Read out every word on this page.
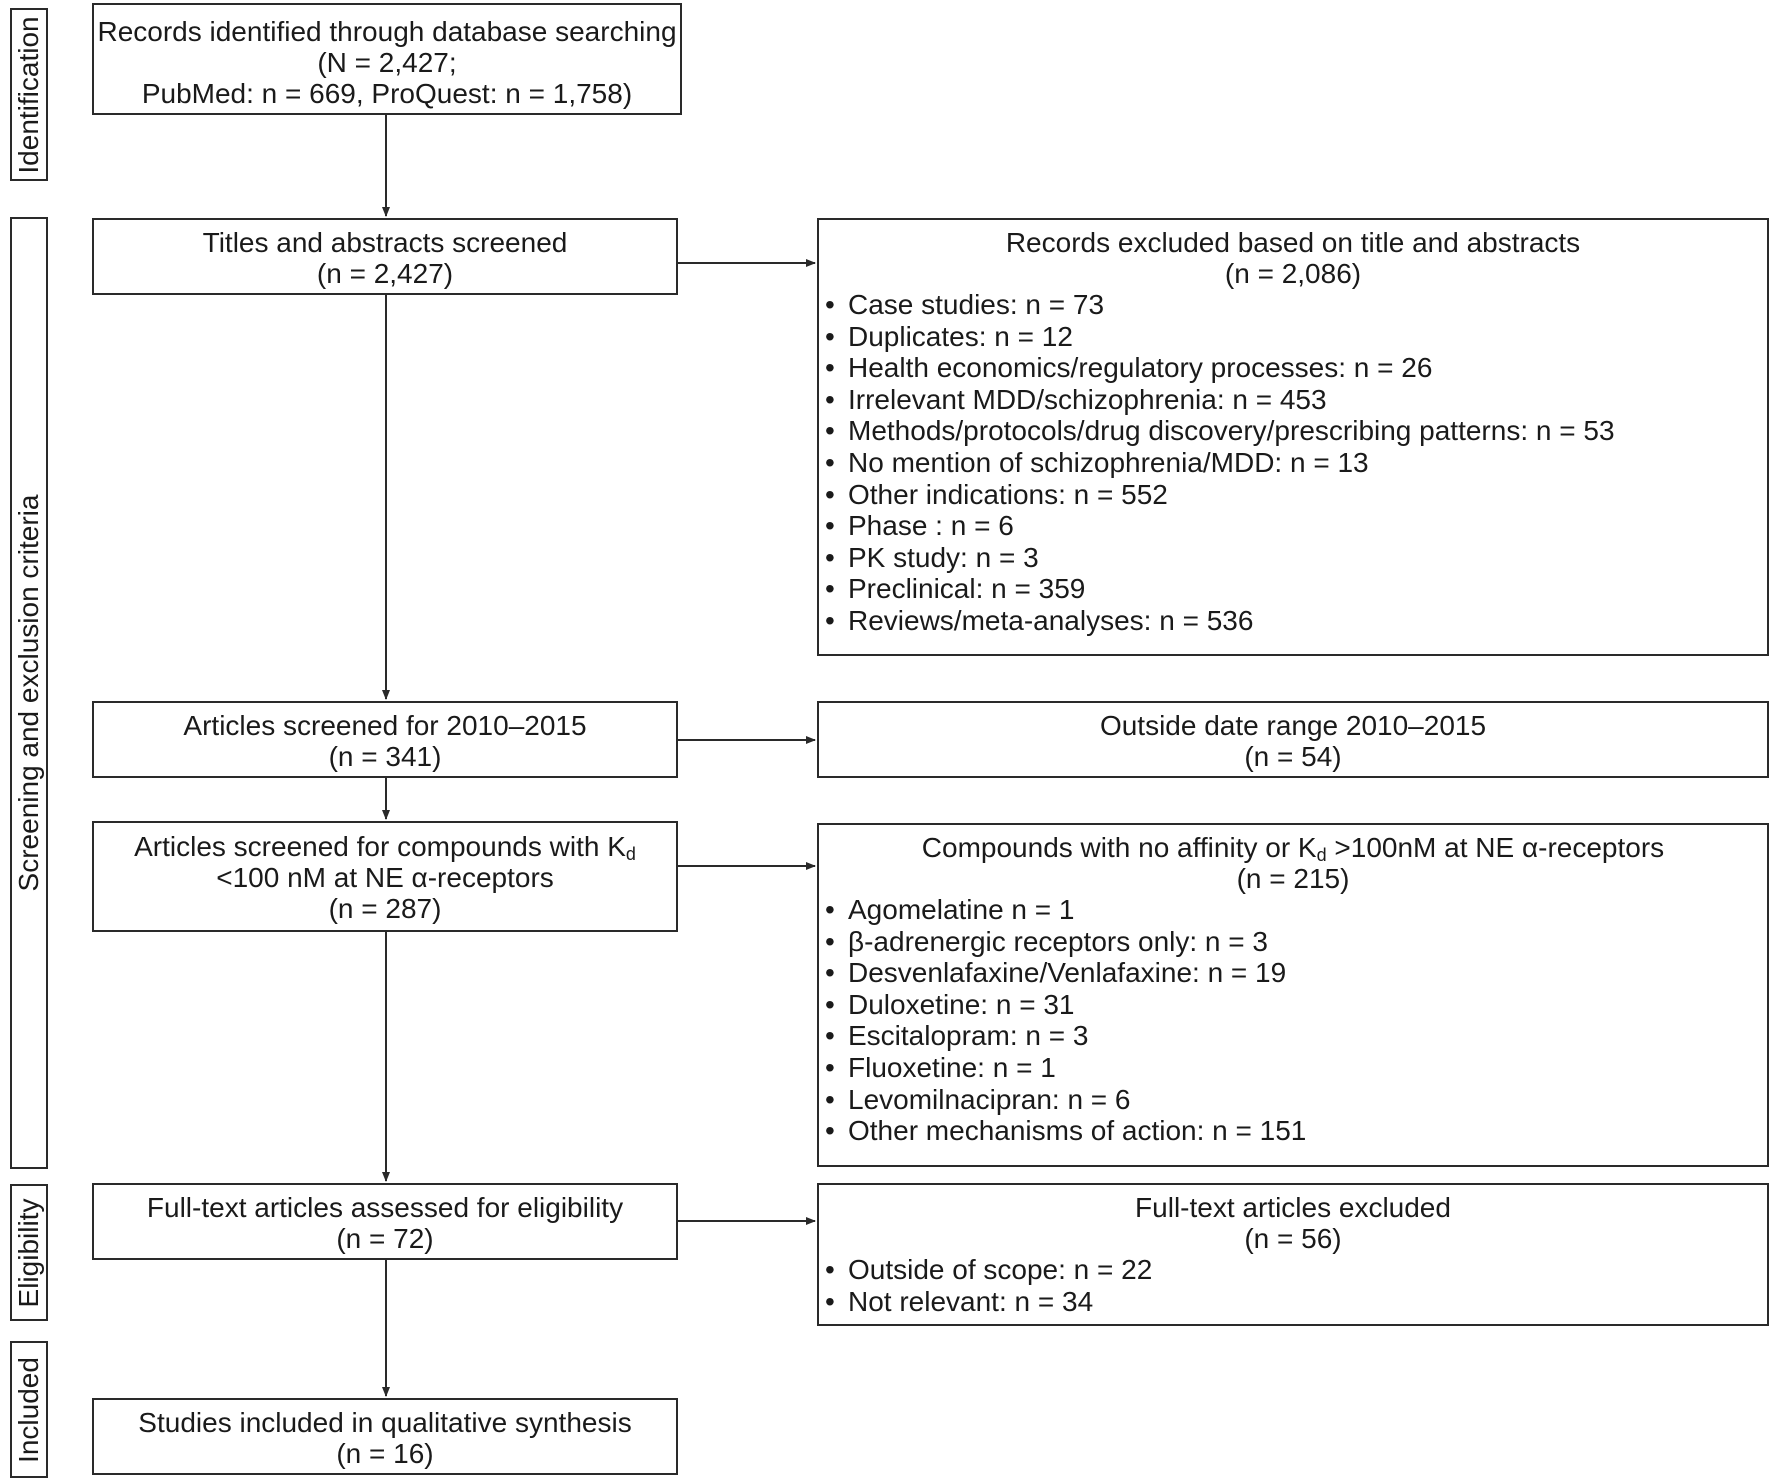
Identification
Screening and exclusion criteria
Eligibility
Included
Records identified through database searching
(N = 2,427;
PubMed: n = 669, ProQuest: n = 1,758)
Titles and abstracts screened
(n = 2,427)
Articles screened for 2010–2015
(n = 341)
Articles screened for compounds with $K_d$
<100 nM at NE α-receptors
(n = 287)
Full-text articles assessed for eligibility
(n = 72)
Studies included in qualitative synthesis
(n = 16)
Records excluded based on title and abstracts
(n = 2,086)
• Case studies: n = 73
• Duplicates: n = 12
• Health economics/regulatory processes: n = 26
• Irrelevant MDD/schizophrenia: n = 453
• Methods/protocols/drug discovery/prescribing patterns: n = 53
• No mention of schizophrenia/MDD: n = 13
• Other indications: n = 552
• Phase : n = 6
• PK study: n = 3
• Preclinical: n = 359
• Reviews/meta-analyses: n = 536
Outside date range 2010–2015
(n = 54)
Compounds with no affinity or $K_d >100nM$ at NE α-receptors
(n = 215)
• Agomelatine n = 1
• β-adrenergic receptors only: n = 3
• Desvenlafaxine/Venlafaxine: n = 19
• Duloxetine: n = 31
• Escitalopram: n = 3
• Fluoxetine: n = 1
• Levomilnacipran: n = 6
• Other mechanisms of action: n = 151
Full-text articles excluded
(n = 56)
• Outside of scope: n = 22
• Not relevant: n = 34
